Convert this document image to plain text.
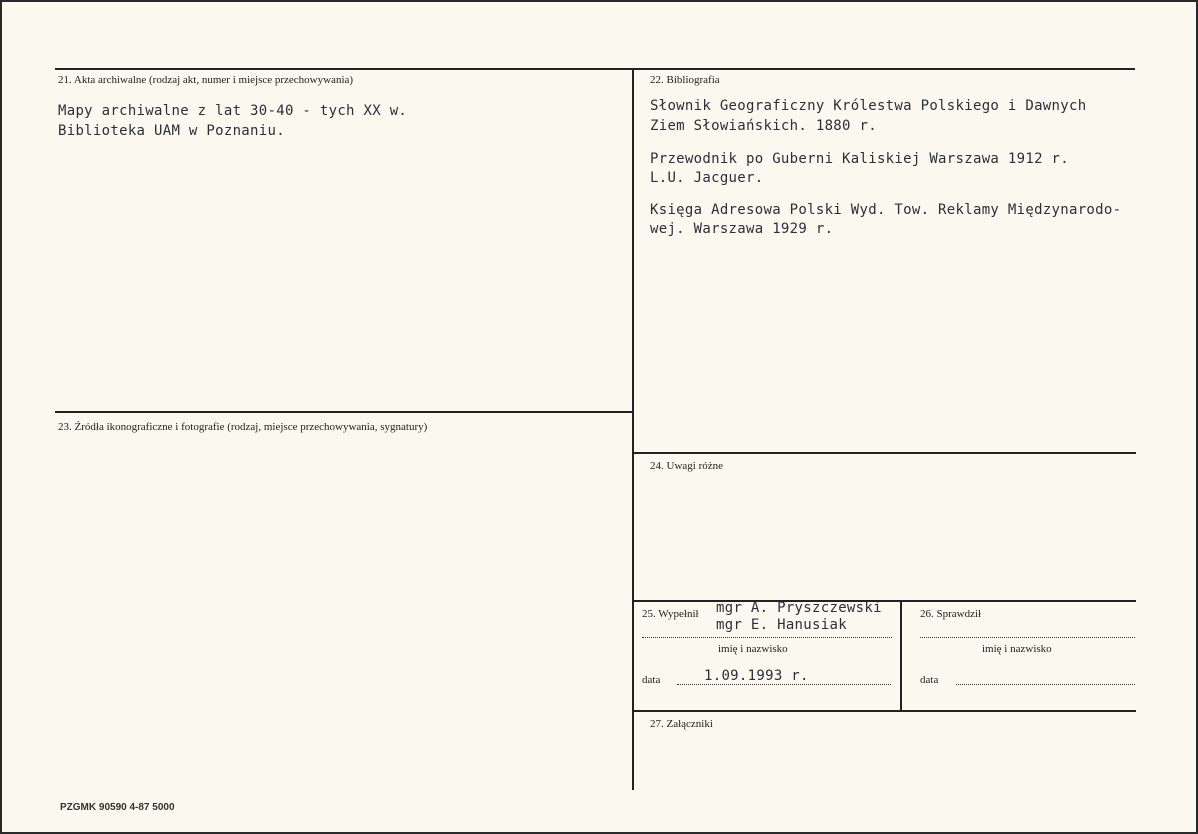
21. Akta archiwalne (rodzaj akt, numer i miejsce przechowywania)
Mapy archiwalne z lat 30-40 - tych XX w.
Biblioteka UAM w Poznaniu.
22. Bibliografia
Słownik Geograficzny Królestwa Polskiego i Dawnych
Ziem Słowiańskich. 1880 r.
Przewodnik po Guberni Kaliskiej Warszawa 1912 r.
L.U. Jacguer.
Księga Adresowa Polski Wyd. Tow. Reklamy Międzynarodo-
wej. Warszawa 1929 r.
23. Źródła ikonograficzne i fotografie (rodzaj, miejsce przechowywania, sygnatury)
24. Uwagi różne
25. Wypełnił mgr A. Pryszczewski
mgr E. Hanusiak
imię i nazwisko
data	1.09.1993 r.
26. Sprawdził
imię i nazwisko
data
27. Załączniki
PZGMK 90590 4-87 5000
